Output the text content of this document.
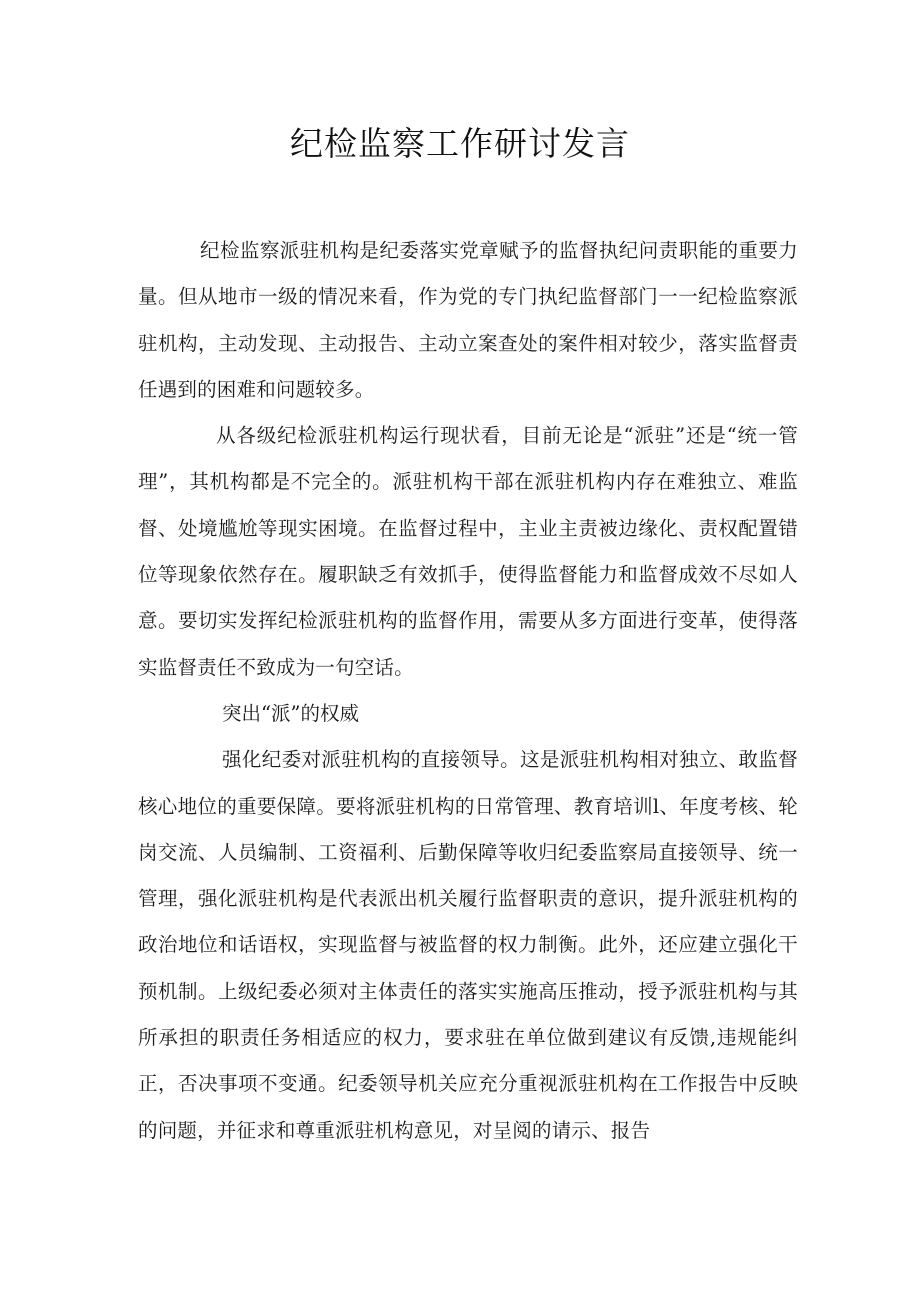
纪检监察工作研讨发言

纪检监察派驻机构是纪委落实党章赋予的监督执纪问责职能的重要力量。但从地市一级的情况来看，作为党的专门执纪监督部门一一纪检监察派驻机构，主动发现、主动报告、主动立案查处的案件相对较少，落实监督责任遇到的困难和问题较多。

从各级纪检派驻机构运行现状看，目前无论是“派驻”还是“统一管理”，其机构都是不完全的。派驻机构干部在派驻机构内存在难独立、难监督、处境尴尬等现实困境。在监督过程中，主业主责被边缘化、责权配置错位等现象依然存在。履职缺乏有效抓手，使得监督能力和监督成效不尽如人意。要切实发挥纪检派驻机构的监督作用，需要从多方面进行变革，使得落实监督责任不致成为一句空话。

突出“派”的权威

强化纪委对派驻机构的直接领导。这是派驻机构相对独立、敢监督核心地位的重要保障。要将派驻机构的日常管理、教育培训l、年度考核、轮岗交流、人员编制、工资福利、后勤保障等收归纪委监察局直接领导、统一管理，强化派驻机构是代表派出机关履行监督职责的意识，提升派驻机构的政治地位和话语权，实现监督与被监督的权力制衡。此外，还应建立强化干预机制。上级纪委必须对主体责任的落实实施高压推动，授予派驻机构与其所承担的职责任务相适应的权力，要求驻在单位做到建议有反馈,违规能纠正，否决事项不变通。纪委领导机关应充分重视派驻机构在工作报告中反映的问题，并征求和尊重派驻机构意见，对呈阅的请示、报告
